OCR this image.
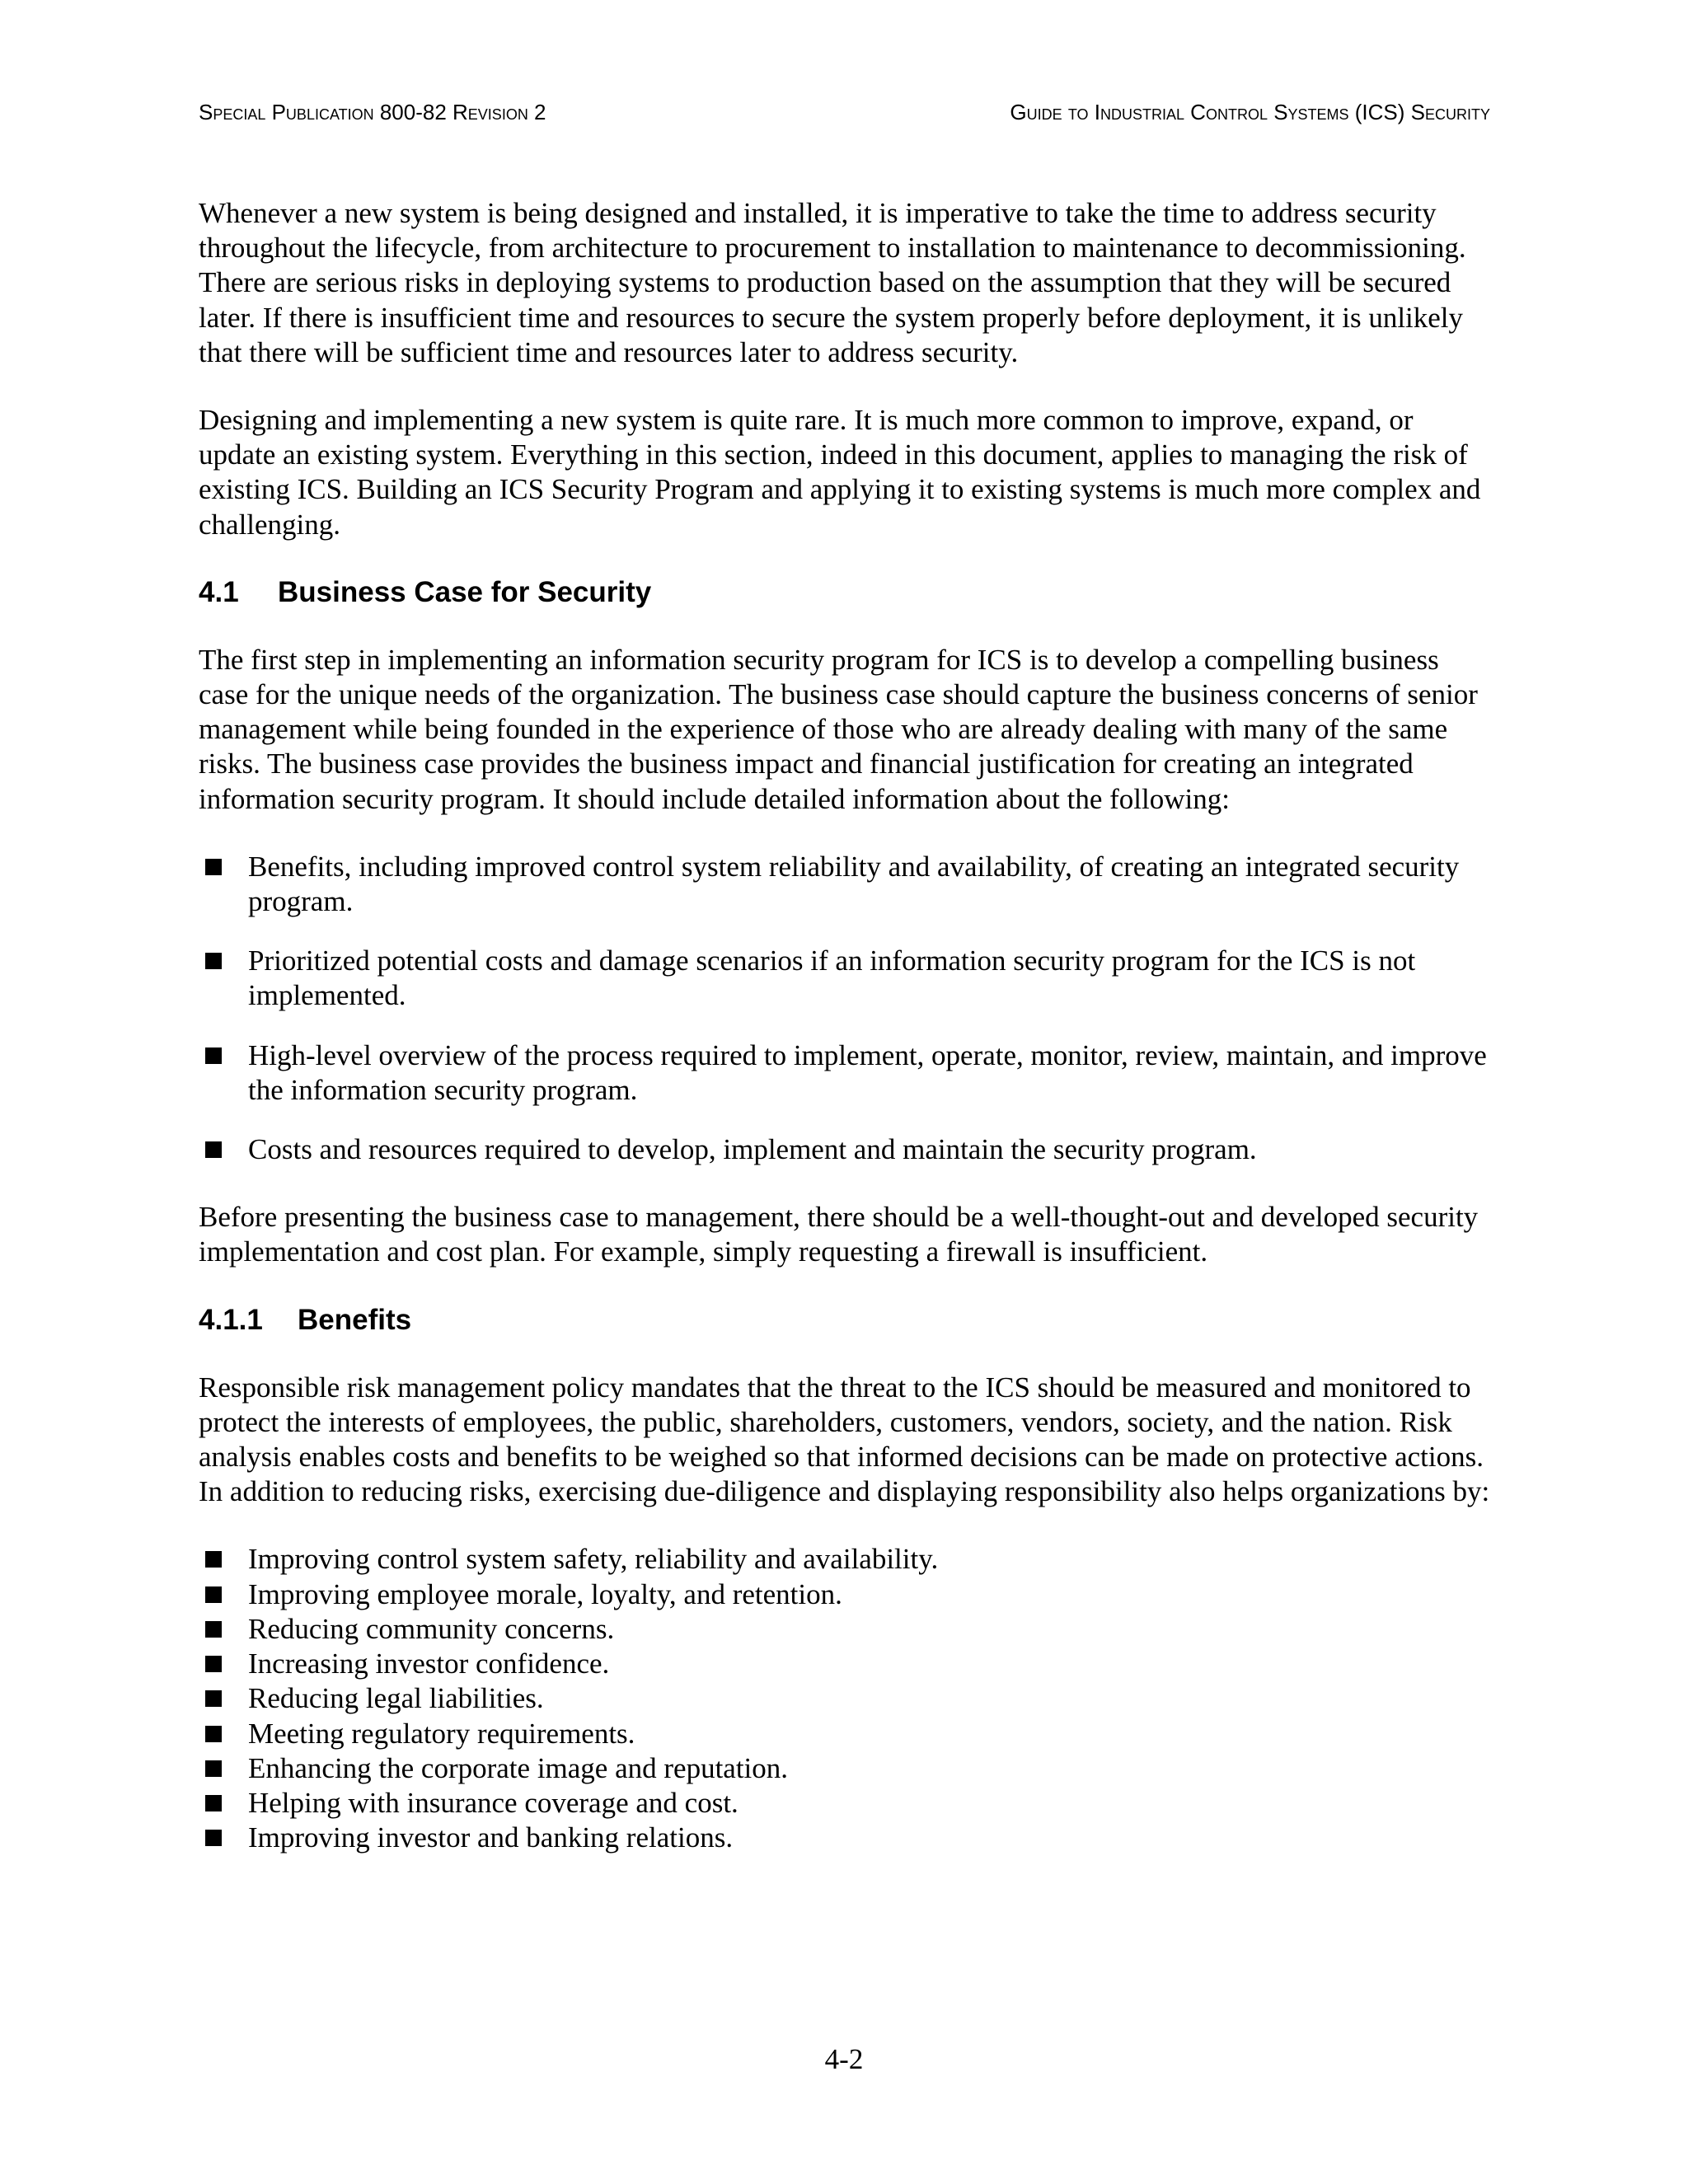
Special Publication 800-82 Revision 2	Guide to Industrial Control Systems (ICS) Security

Whenever a new system is being designed and installed, it is imperative to take the time to address security throughout the lifecycle, from architecture to procurement to installation to maintenance to decommissioning. There are serious risks in deploying systems to production based on the assumption that they will be secured later. If there is insufficient time and resources to secure the system properly before deployment, it is unlikely that there will be sufficient time and resources later to address security.

Designing and implementing a new system is quite rare. It is much more common to improve, expand, or update an existing system. Everything in this section, indeed in this document, applies to managing the risk of existing ICS. Building an ICS Security Program and applying it to existing systems is much more complex and challenging.

4.1 Business Case for Security

The first step in implementing an information security program for ICS is to develop a compelling business case for the unique needs of the organization. The business case should capture the business concerns of senior management while being founded in the experience of those who are already dealing with many of the same risks. The business case provides the business impact and financial justification for creating an integrated information security program. It should include detailed information about the following:

Benefits, including improved control system reliability and availability, of creating an integrated security program.
Prioritized potential costs and damage scenarios if an information security program for the ICS is not implemented.
High-level overview of the process required to implement, operate, monitor, review, maintain, and improve the information security program.
Costs and resources required to develop, implement and maintain the security program.

Before presenting the business case to management, there should be a well-thought-out and developed security implementation and cost plan. For example, simply requesting a firewall is insufficient.

4.1.1 Benefits

Responsible risk management policy mandates that the threat to the ICS should be measured and monitored to protect the interests of employees, the public, shareholders, customers, vendors, society, and the nation. Risk analysis enables costs and benefits to be weighed so that informed decisions can be made on protective actions. In addition to reducing risks, exercising due-diligence and displaying responsibility also helps organizations by:

Improving control system safety, reliability and availability.
Improving employee morale, loyalty, and retention.
Reducing community concerns.
Increasing investor confidence.
Reducing legal liabilities.
Meeting regulatory requirements.
Enhancing the corporate image and reputation.
Helping with insurance coverage and cost.
Improving investor and banking relations.
4-2
